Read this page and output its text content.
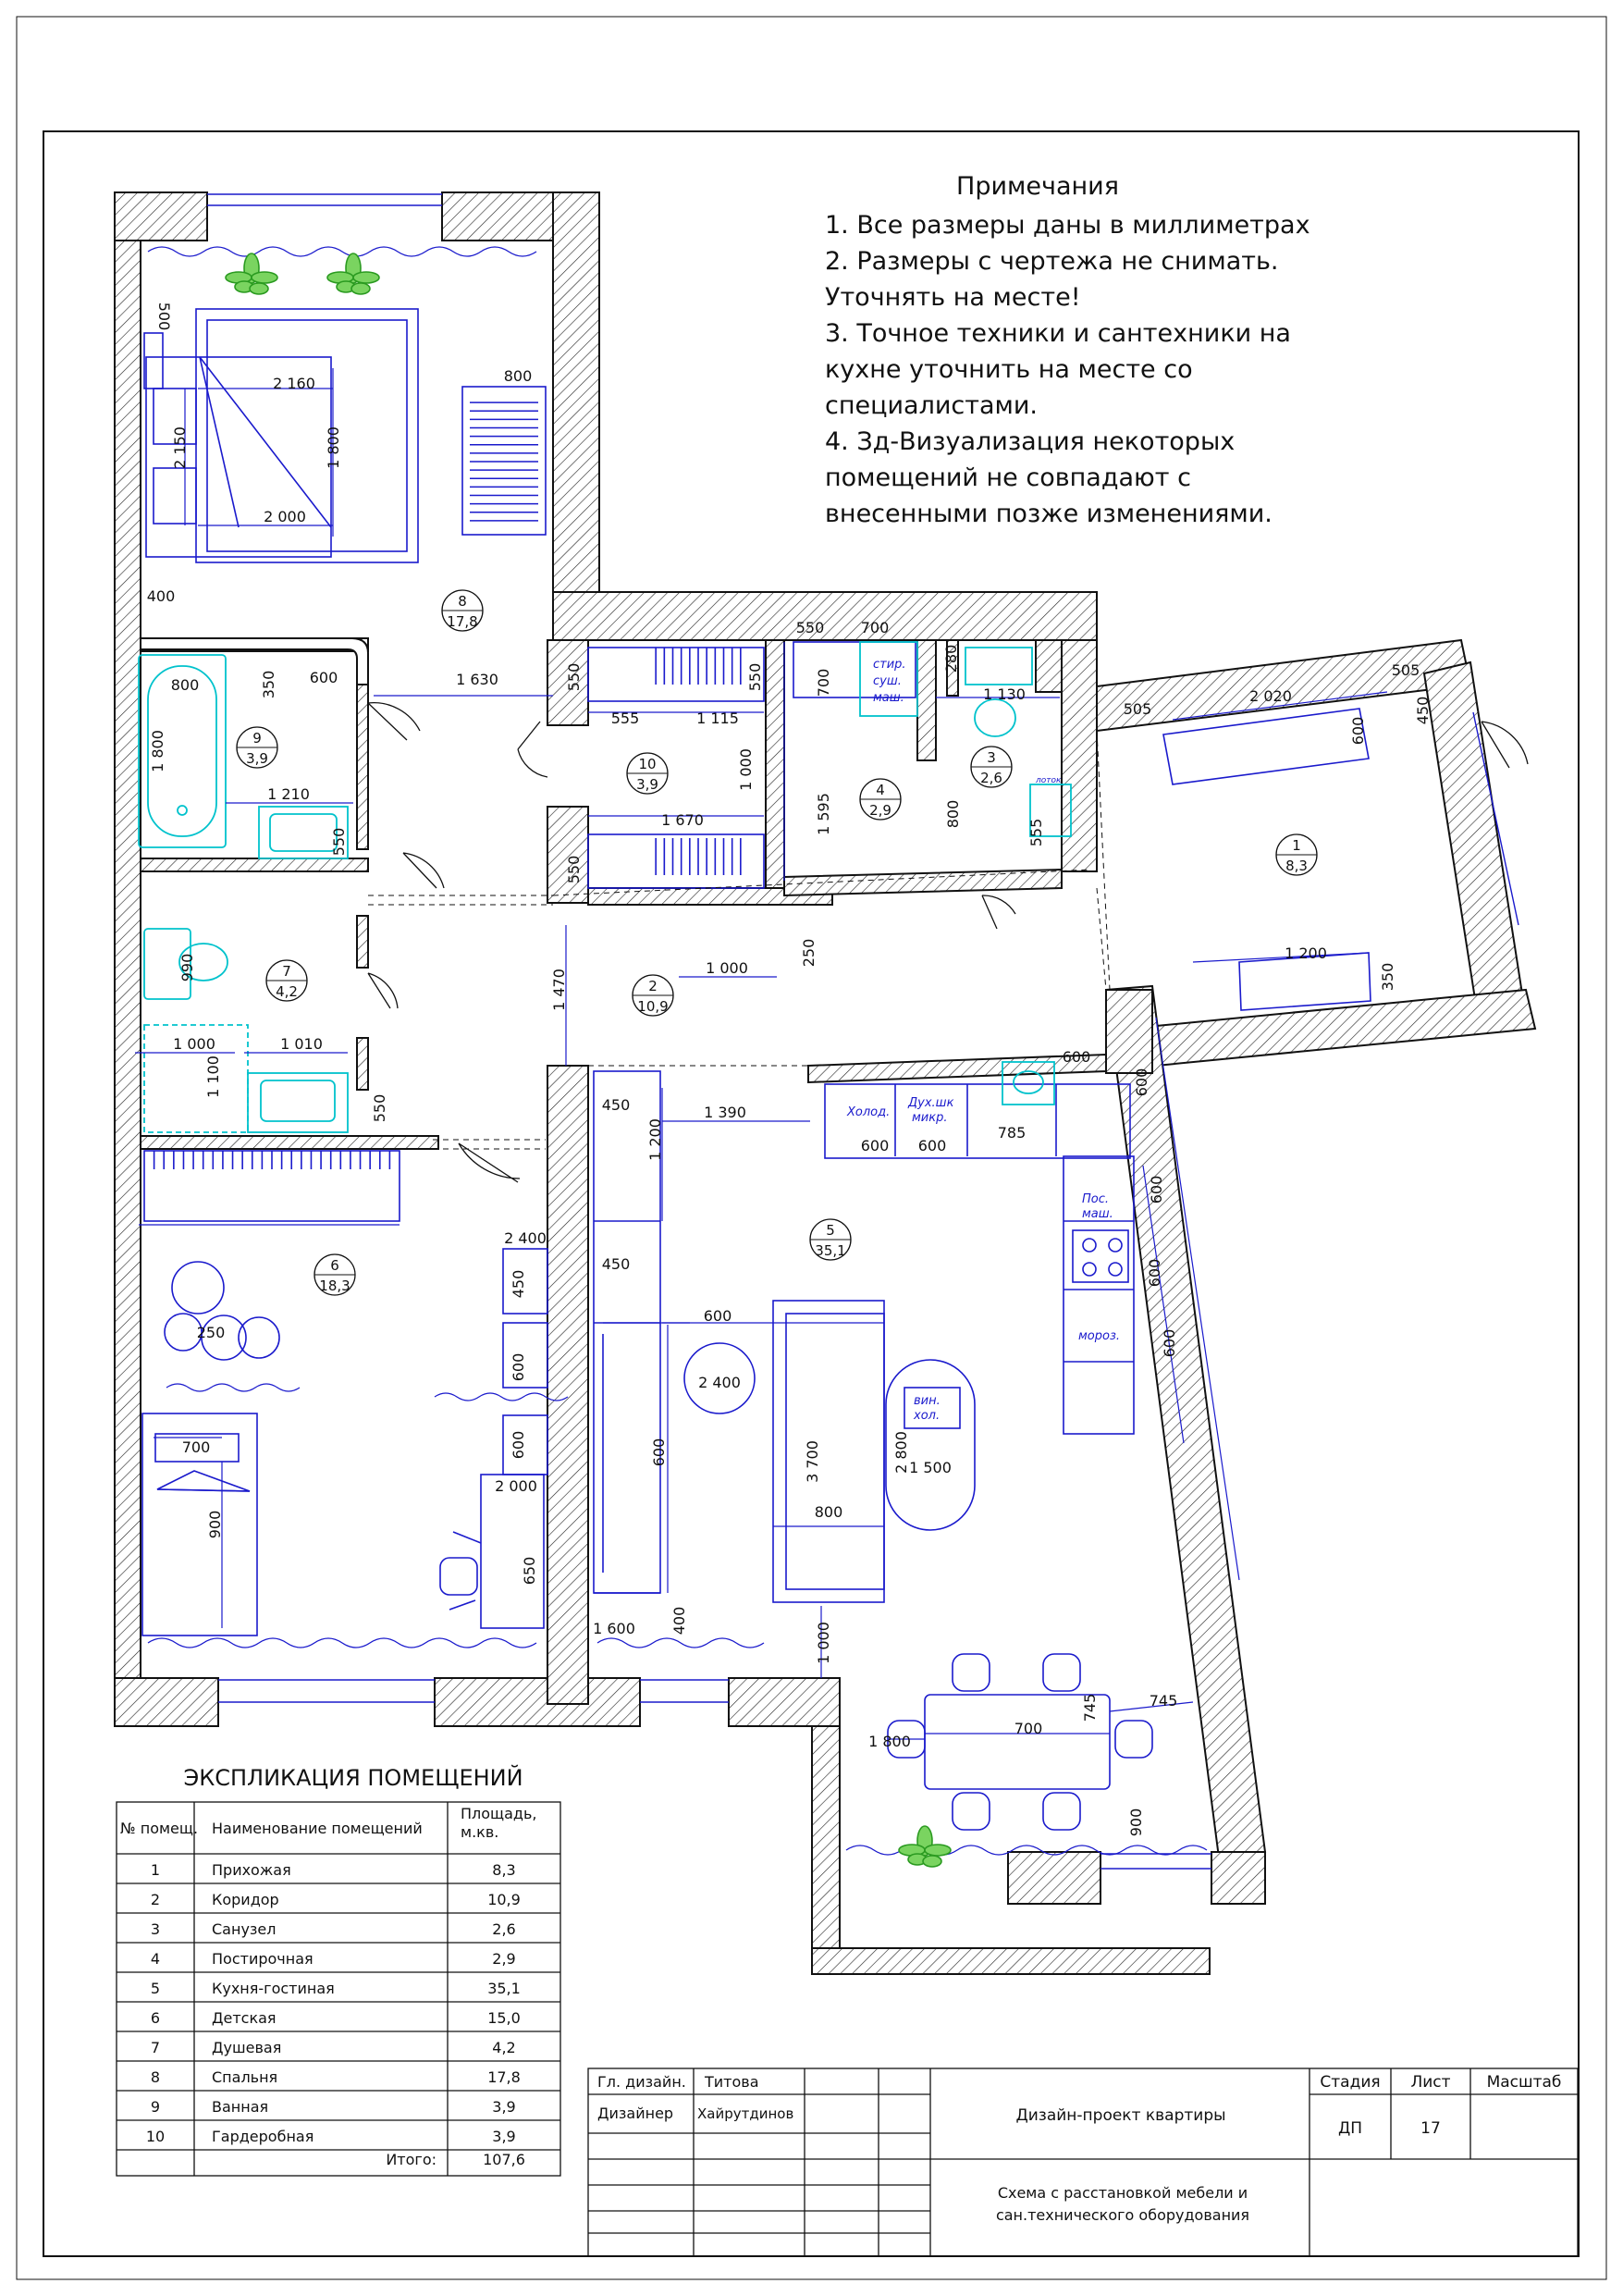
Примечания
1. Все размеры даны в миллиметрах
2. Размеры с чертежа не снимать.
Уточнять на месте!
3. Точное техники и сантехники на
кухне уточнить на месте со
специалистами.
4. Зд-Визуализация некоторых
помещений не совпадают с
внесенными позже изменениями.
1
8,3
2
10,9
3
2,6
4
2,9
5
35,1
6
18,3
7
4,2
8
17,8
9
3,9	10
3,9
500
2 160
2 150	1 800
2 000
400
800
350 600	1 630
800
1 800
1 210
550
550
555	1 115
550
1 000
1 670
550
550 700
700
1 595	800
280
1 130
555
505
2 020
505
600
450
1 200
350
990
1 000
1 100
1 010
550
1 470
1 000
250
450	1 390
1 200
450
600
785
600
600
600
600
600
600
600
2 400
450
600
600
2 400
600	3 700	2 800 1 500
800
1 000
700
900
2 000
650
1 600 400
250
700
1 800
745
745
900
стир.
суш.
маш.
Холод.
Дух.шк
микр.
Пос.
маш.
мороз.
вин.
хол.
лоток
ЭКСПЛИКАЦИЯ ПОМЕЩЕНИЙ
№ помещ. Наименование помещений
Площадь,
м.кв.
1	Прихожая	8,3
2	Коридор	10,9
3	Санузел	2,6
4	Постирочная	2,9
5	Кухня-гостиная	35,1
6	Детская	15,0
7	Душевая	4,2
8	Спальня	17,8
9	Ванная	3,9
10	Гардеробная	3,9
Итого:	107,6
Гл. дизайн. Титова
Дизайнер Хайрутдинов	Дизайн-проект квартиры
Схема с расстановкой мебели и
сан.технического оборудования
Стадия Лист Масштаб
ДП	17
